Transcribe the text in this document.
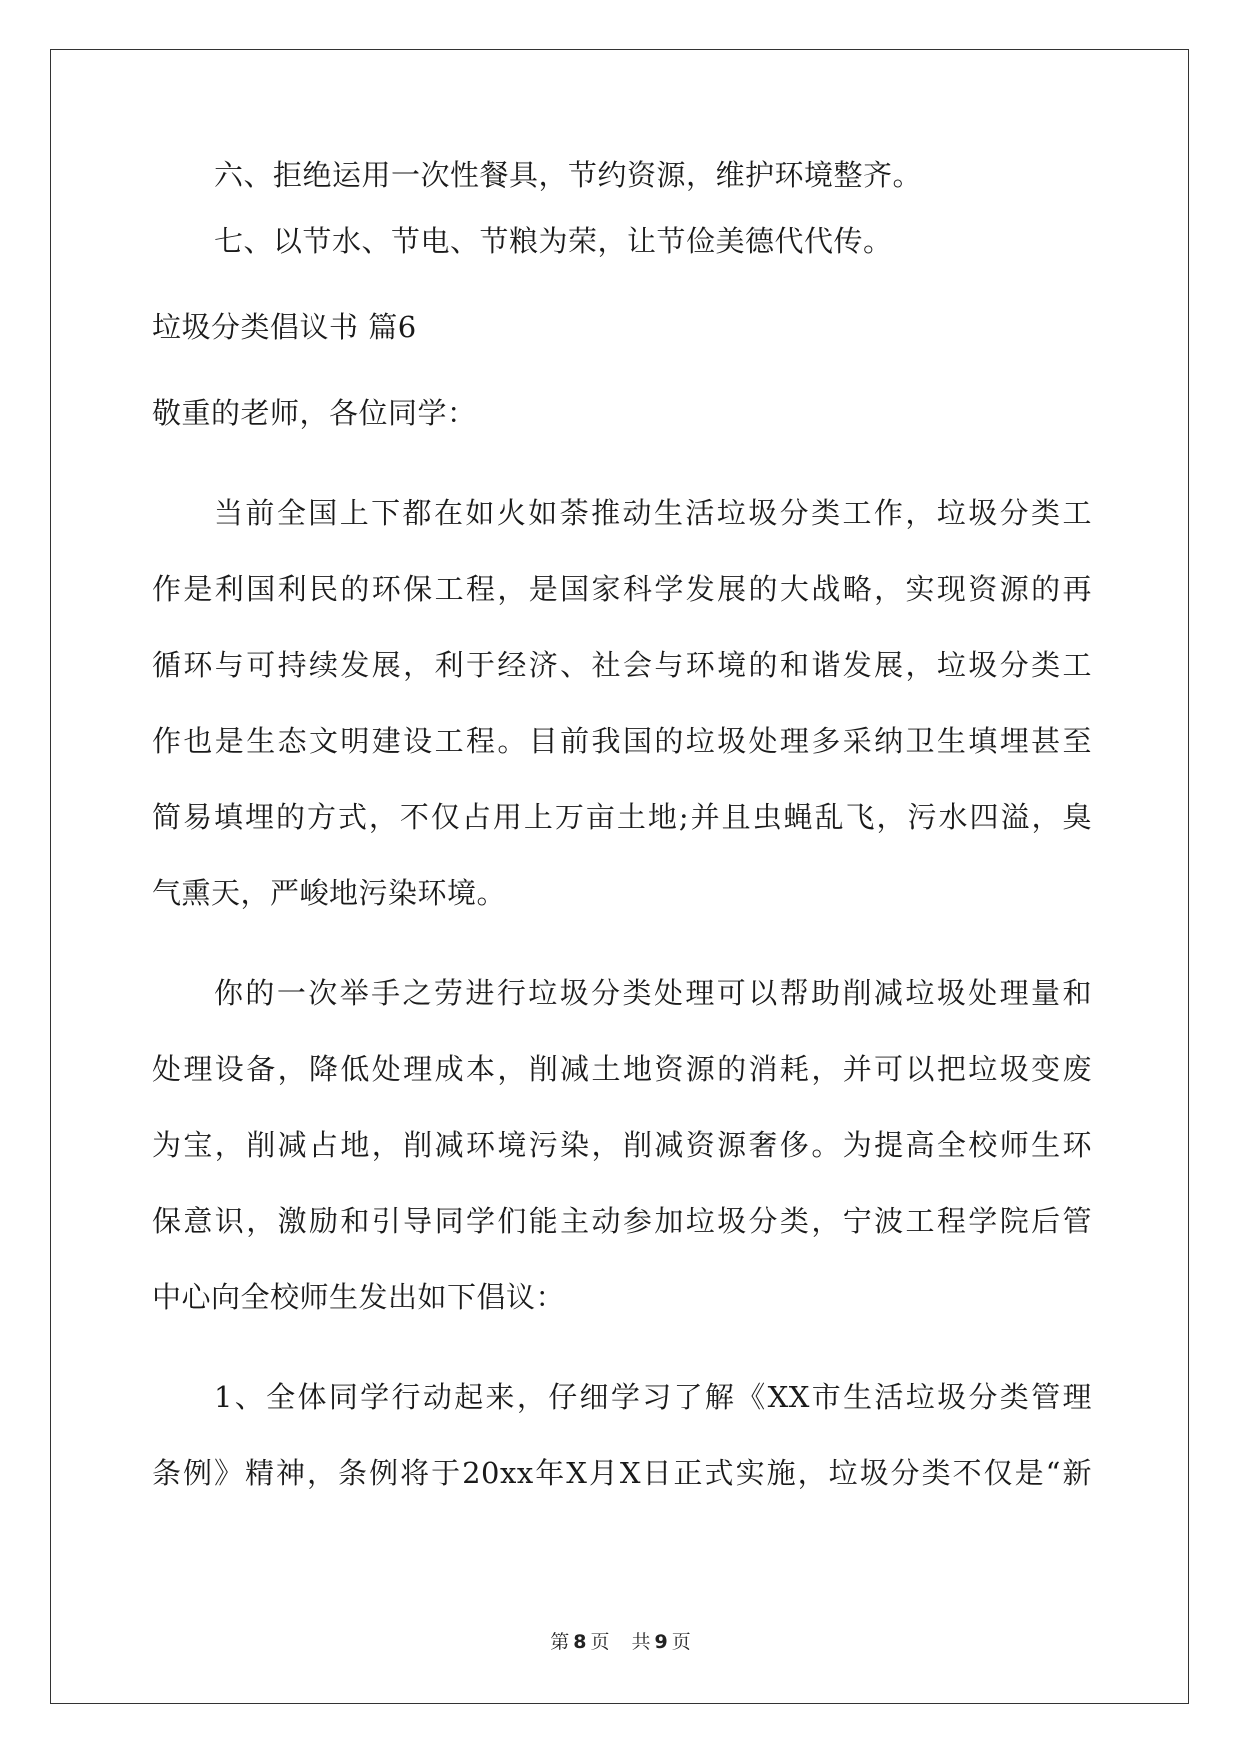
六、拒绝运用一次性餐具，节约资源，维护环境整齐。
七、以节水、节电、节粮为荣，让节俭美德代代传。
垃圾分类倡议书 篇6
敬重的老师，各位同学：
当前全国上下都在如火如荼推动生活垃圾分类工作，垃圾分类工
作是利国利民的环保工程，是国家科学发展的大战略，实现资源的再
循环与可持续发展，利于经济、社会与环境的和谐发展，垃圾分类工
作也是生态文明建设工程。目前我国的垃圾处理多采纳卫生填埋甚至
简易填埋的方式，不仅占用上万亩土地;并且虫蝇乱飞，污水四溢，臭
气熏天，严峻地污染环境。
你的一次举手之劳进行垃圾分类处理可以帮助削减垃圾处理量和
处理设备，降低处理成本，削减土地资源的消耗，并可以把垃圾变废
为宝，削减占地，削减环境污染，削减资源奢侈。为提高全校师生环
保意识，激励和引导同学们能主动参加垃圾分类，宁波工程学院后管
中心向全校师生发出如下倡议：
1、全体同学行动起来，仔细学习了解《XX市生活垃圾分类管理
条例》精神，条例将于20xx年X月X日正式实施，垃圾分类不仅是“新
第 8 页 共 9 页
